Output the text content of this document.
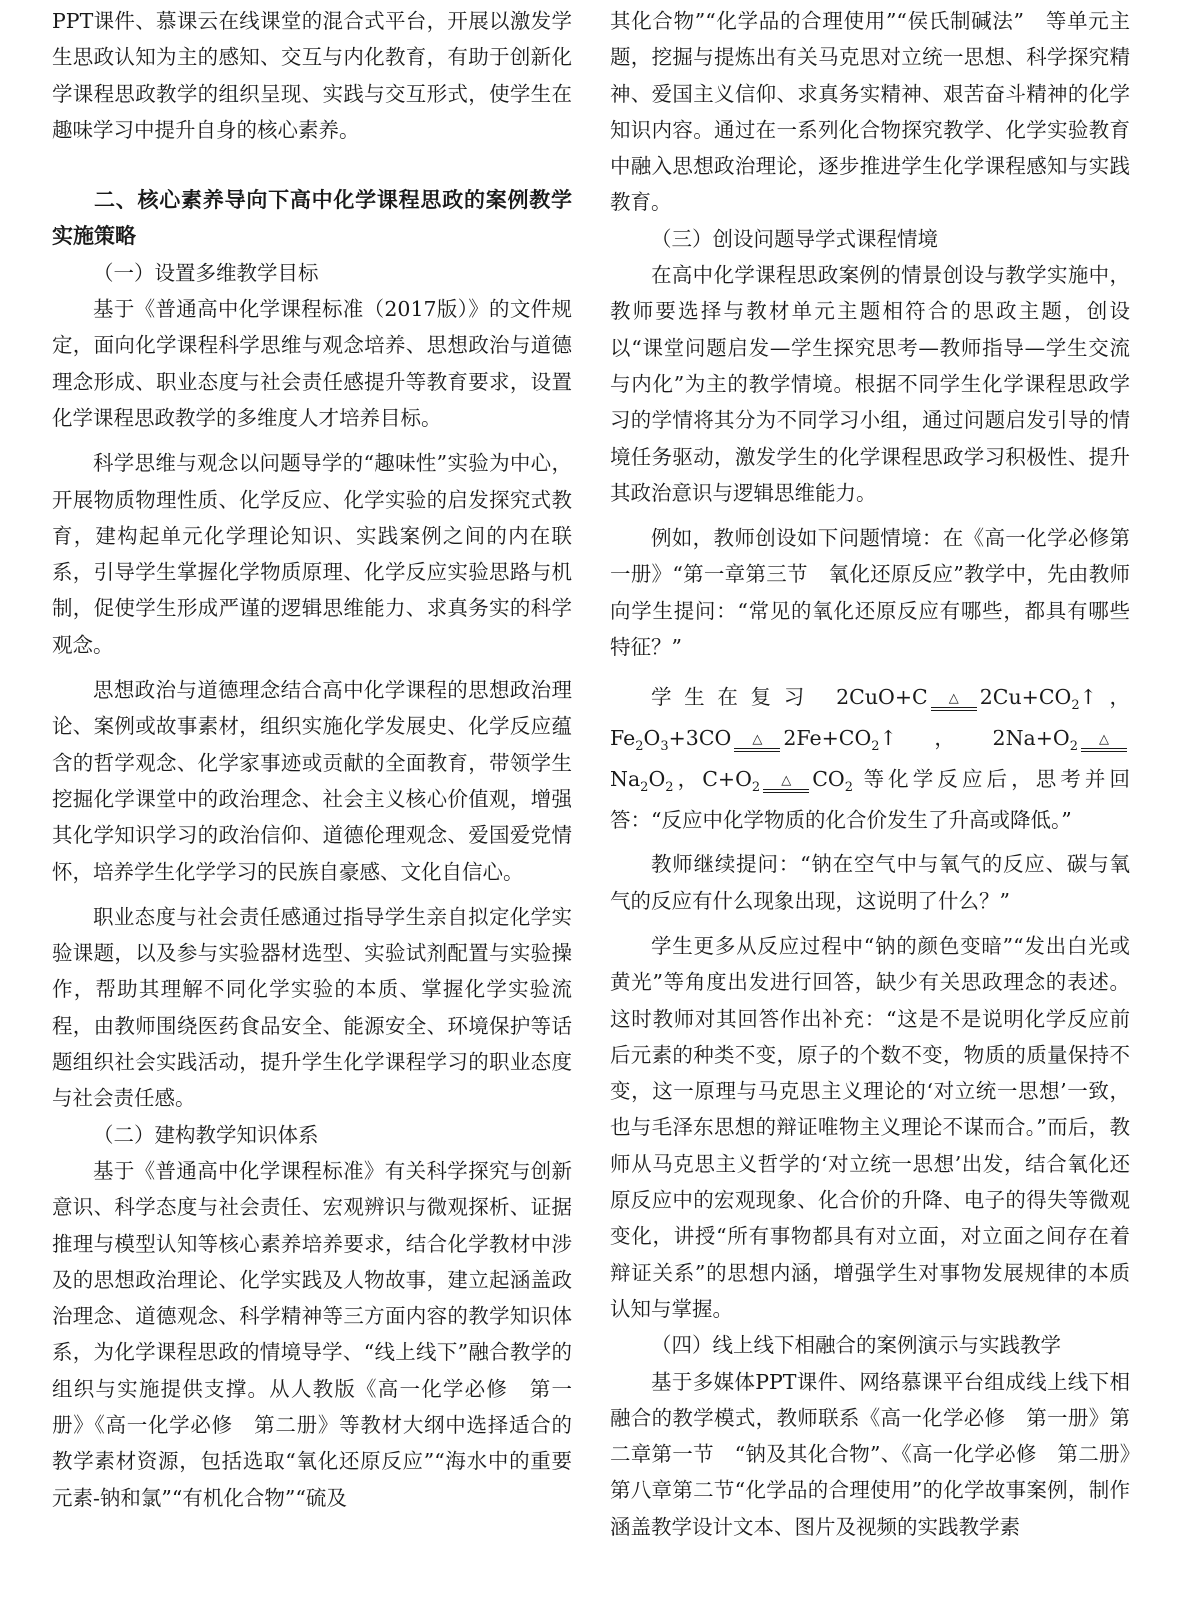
PPT课件、慕课云在线课堂的混合式平台，开展以激发学生思政认知为主的感知、交互与内化教育，有助于创新化学课程思政教学的组织呈现、实践与交互形式，使学生在趣味学习中提升自身的核心素养。

二、核心素养导向下高中化学课程思政的案例教学实施策略
（一）设置多维教学目标

基于《普通高中化学课程标准（2017版）》的文件规定，面向化学课程科学思维与观念培养、思想政治与道德理念形成、职业态度与社会责任感提升等教育要求，设置化学课程思政教学的多维度人才培养目标。

科学思维与观念以问题导学的“趣味性”实验为中心，开展物质物理性质、化学反应、化学实验的启发探究式教育，建构起单元化学理论知识、实践案例之间的内在联系，引导学生掌握化学物质原理、化学反应实验思路与机制，促使学生形成严谨的逻辑思维能力、求真务实的科学观念。

思想政治与道德理念结合高中化学课程的思想政治理论、案例或故事素材，组织实施化学发展史、化学反应蕴含的哲学观念、化学家事迹或贡献的全面教育，带领学生挖掘化学课堂中的政治理念、社会主义核心价值观，增强其化学知识学习的政治信仰、道德伦理观念、爱国爱党情怀，培养学生化学学习的民族自豪感、文化自信心。

职业态度与社会责任感通过指导学生亲自拟定化学实验课题，以及参与实验器材选型、实验试剂配置与实验操作，帮助其理解不同化学实验的本质、掌握化学实验流程，由教师围绕医药食品安全、能源安全、环境保护等话题组织社会实践活动，提升学生化学课程学习的职业态度与社会责任感。

（二）建构教学知识体系

基于《普通高中化学课程标准》有关科学探究与创新意识、科学态度与社会责任、宏观辨识与微观探析、证据推理与模型认知等核心素养培养要求，结合化学教材中涉及的思想政治理论、化学实践及人物故事，建立起涵盖政治理念、道德观念、科学精神等三方面内容的教学知识体系，为化学课程思政的情境导学、“线上线下”融合教学的组织与实施提供支撑。从人教版《高一化学必修　第一册》《高一化学必修　第二册》等教材大纲中选择适合的教学素材资源，包括选取“氧化还原反应”“海水中的重要元素-钠和氯”“有机化合物”“硫及

其化合物”“化学品的合理使用”“侯氏制碱法”　等单元主题，挖掘与提炼出有关马克思对立统一思想、科学探究精神、爱国主义信仰、求真务实精神、艰苦奋斗精神的化学知识内容。通过在一系列化合物探究教学、化学实验教育中融入思想政治理论，逐步推进学生化学课程感知与实践教育。

（三）创设问题导学式课程情境

在高中化学课程思政案例的情景创设与教学实施中，教师要选择与教材单元主题相符合的思政主题，创设以“课堂问题启发—学生探究思考—教师指导—学生交流与内化”为主的教学情境。根据不同学生化学课程思政学习的学情将其分为不同学习小组，通过问题启发引导的情境任务驱动，激发学生的化学课程思政学习积极性、提升其政治意识与逻辑思维能力。

例如，教师创设如下问题情境：在《高一化学必修第一册》“第一章第三节　氧化还原反应”教学中，先由教师向学生提问：“常见的氧化还原反应有哪些，都具有哪些特征？”

学生在复习 2CuO+C	△	$2Cu+CO_2↑$，$Fe_2O_3+3CO$	△	$2Fe+CO_2↑$，$2Na+O_2$	△
$Na_2O_2$，$C+O_2$	△	$CO_2$ 等化学反应后，思考并回答：“反应中化学物质的化合价发生了升高或降低。”

教师继续提问：“钠在空气中与氧气的反应、碳与氧气的反应有什么现象出现，这说明了什么？”

学生更多从反应过程中“钠的颜色变暗”“发出白光或黄光”等角度出发进行回答，缺少有关思政理念的表述。这时教师对其回答作出补充：“这是不是说明化学反应前后元素的种类不变，原子的个数不变，物质的质量保持不变，这一原理与马克思主义理论的‘对立统一思想’一致，也与毛泽东思想的辩证唯物主义理论不谋而合。”而后，教师从马克思主义哲学的‘对立统一思想’出发，结合氧化还原反应中的宏观现象、化合价的升降、电子的得失等微观变化，讲授“所有事物都具有对立面，对立面之间存在着辩证关系”的思想内涵，增强学生对事物发展规律的本质认知与掌握。

（四）线上线下相融合的案例演示与实践教学

基于多媒体PPT课件、网络慕课平台组成线上线下相融合的教学模式，教师联系《高一化学必修　第一册》第二章第一节　“钠及其化合物”、《高一化学必修　第二册》第八章第二节“化学品的合理使用”的化学故事案例，制作涵盖教学设计文本、图片及视频的实践教学素
